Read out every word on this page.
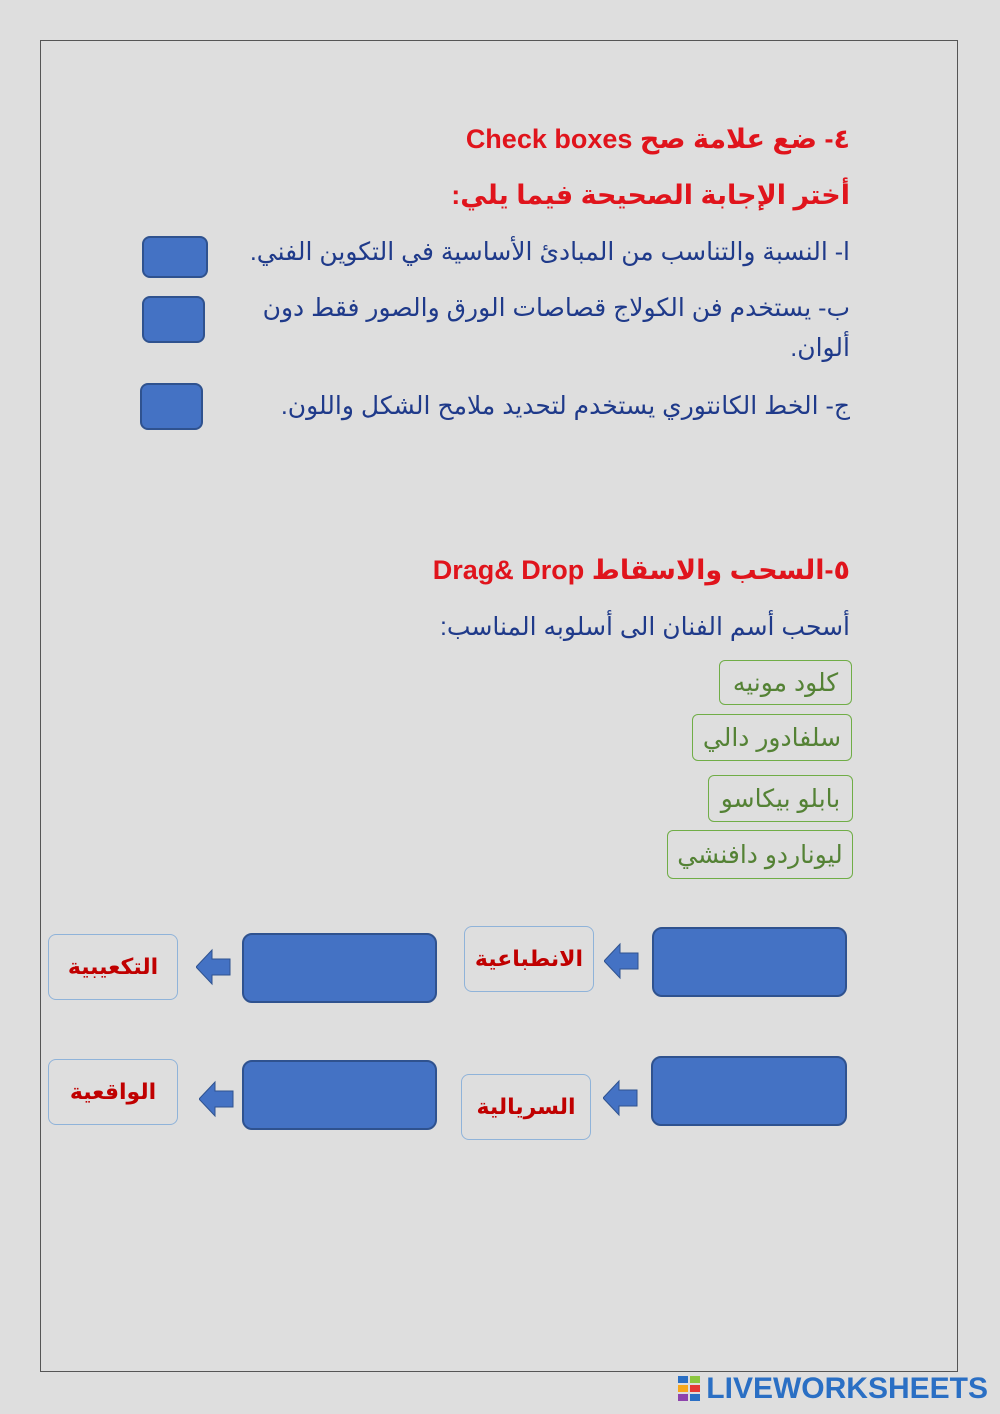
٤- ضع علامة صح Check boxes
أختر الإجابة الصحيحة فيما يلي:
ا- النسبة والتناسب من المبادئ الأساسية في التكوين الفني.
ب- يستخدم فن الكولاج قصاصات الورق والصور فقط دون ألوان.
ج- الخط الكانتوري يستخدم لتحديد ملامح الشكل واللون.
٥-السحب والاسقاط Drag& Drop
أسحب أسم الفنان الى أسلوبه المناسب:
كلود مونيه
سلفادور دالي
بابلو بيكاسو
ليوناردو دافنشي
الانطباعية
التكعيبية
السريالية
الواقعية
LIVEWORKSHEETS
